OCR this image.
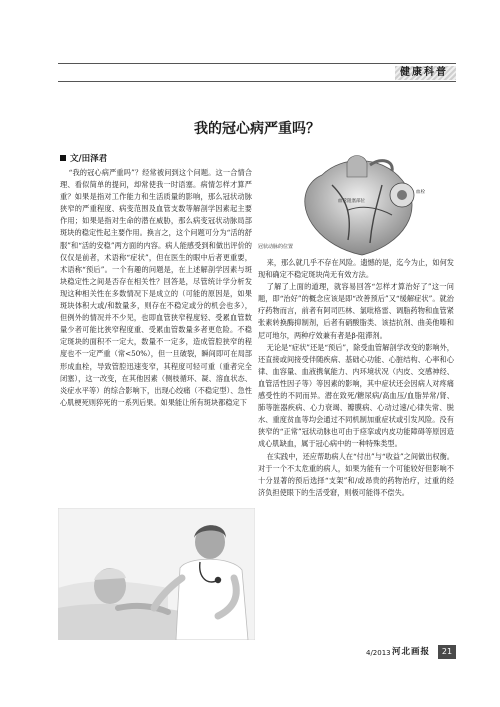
健康科普
我的冠心病严重吗？
文/田泽君

“我的冠心病严重吗”？经常被问到这个问题。这一合情合理、看似简单的提问，却常使我一时语塞。病情怎样才算严重？如果是指对工作能力和生活质量的影响，那么冠状动脉狭窄的严重程度、病变范围及血管支数等解剖学因素起主要作用；如果是指对生命的潜在威胁，那么病变冠状动脉局部斑块的稳定性起主要作用。换言之，这个问题可分为“活的舒服”和“活的安稳”两方面的内容。病人能感受到和做出评价的仅仅是前者，术语称“症状”，但在医生的眼中后者更重要，术语称“预后”。一个有趣的问题是，在上述解剖学因素与斑块稳定性之间是否存在相关性？回答是，尽管统计学分析发现这种相关性在多数情况下是成立的（可能的原因是，如果斑块体积大或/和数量多，则存在不稳定或分的机会也多），但例外的情况并不少见，也即血管狭窄程度轻、受累血管数量少者可能比狭窄程度重、受累血管数量多者更危险。不稳定斑块的面积不一定大，数量不一定多，造成管腔狭窄的程度也不一定严重（常<50%），但一旦破裂，瞬间即可在局部形成血栓，导致管腔迅速变窄，其程度可轻可重（重者完全闭塞），这一改变，在其他因素（侧枝循环、凝、溶血状态、炎症水平等）的综合影响下，出现心绞痛（不稳定型）、急性心肌梗死则猝死的一系列后果。如果能让所有斑块都稳定下

冠状动脉的位置
血管阻塞部位
血栓

来，那么就几乎不存在风险。遗憾的是，迄今为止，如何发现和确定不稳定斑块尚无有效方法。

了解了上面的道理，就容易回答“怎样才算治好了”这一问题，即“治好”的概念应该是即“改善预后”又“缓解症状”。就治疗药物而言，前者有阿司匹林、氯吡格雷、调脂药物和血管紧张素转换酶抑制剂，后者有硝酸脂类、该拮抗剂、曲美他嗪和尼可地尔，两种疗效兼有者是β-阻滞剂。

无论是“症状”还是“预后”，除受血管解剖学改变的影响外，还直接或间接受伴随疾病、基础心功能、心脏结构、心率和心律、血容量、血液携氧能力、内环境状况（内皮、交感神经、血管活性因子等）等因素的影响，其中症状还会因病人对疼痛感受性的不同而异。潜在致死/糖尿病/高血压/血脂异常/肾、肺等脏器疾病、心力衰竭、瓣膜病、心动过速/心律失常、脱水、重度贫血等均会通过不同机制加重症状或引发风险。没有狭窄的“正常”冠状动脉也可由于痉挛或内皮功能障碍等原因造成心肌缺血，属于冠心病中的一种特殊类型。

在实践中，还应帮助病人在“付出”与“收益”之间做出权衡。对于一个不太危重的病人，如果为能有一个可能较好但影响不十分显著的预后选择“支架”和/或昂贵的药物治疗，过重的经济负担使眼下的生活受窘，则极可能得不偿失。

4/2013 河北画报	21
